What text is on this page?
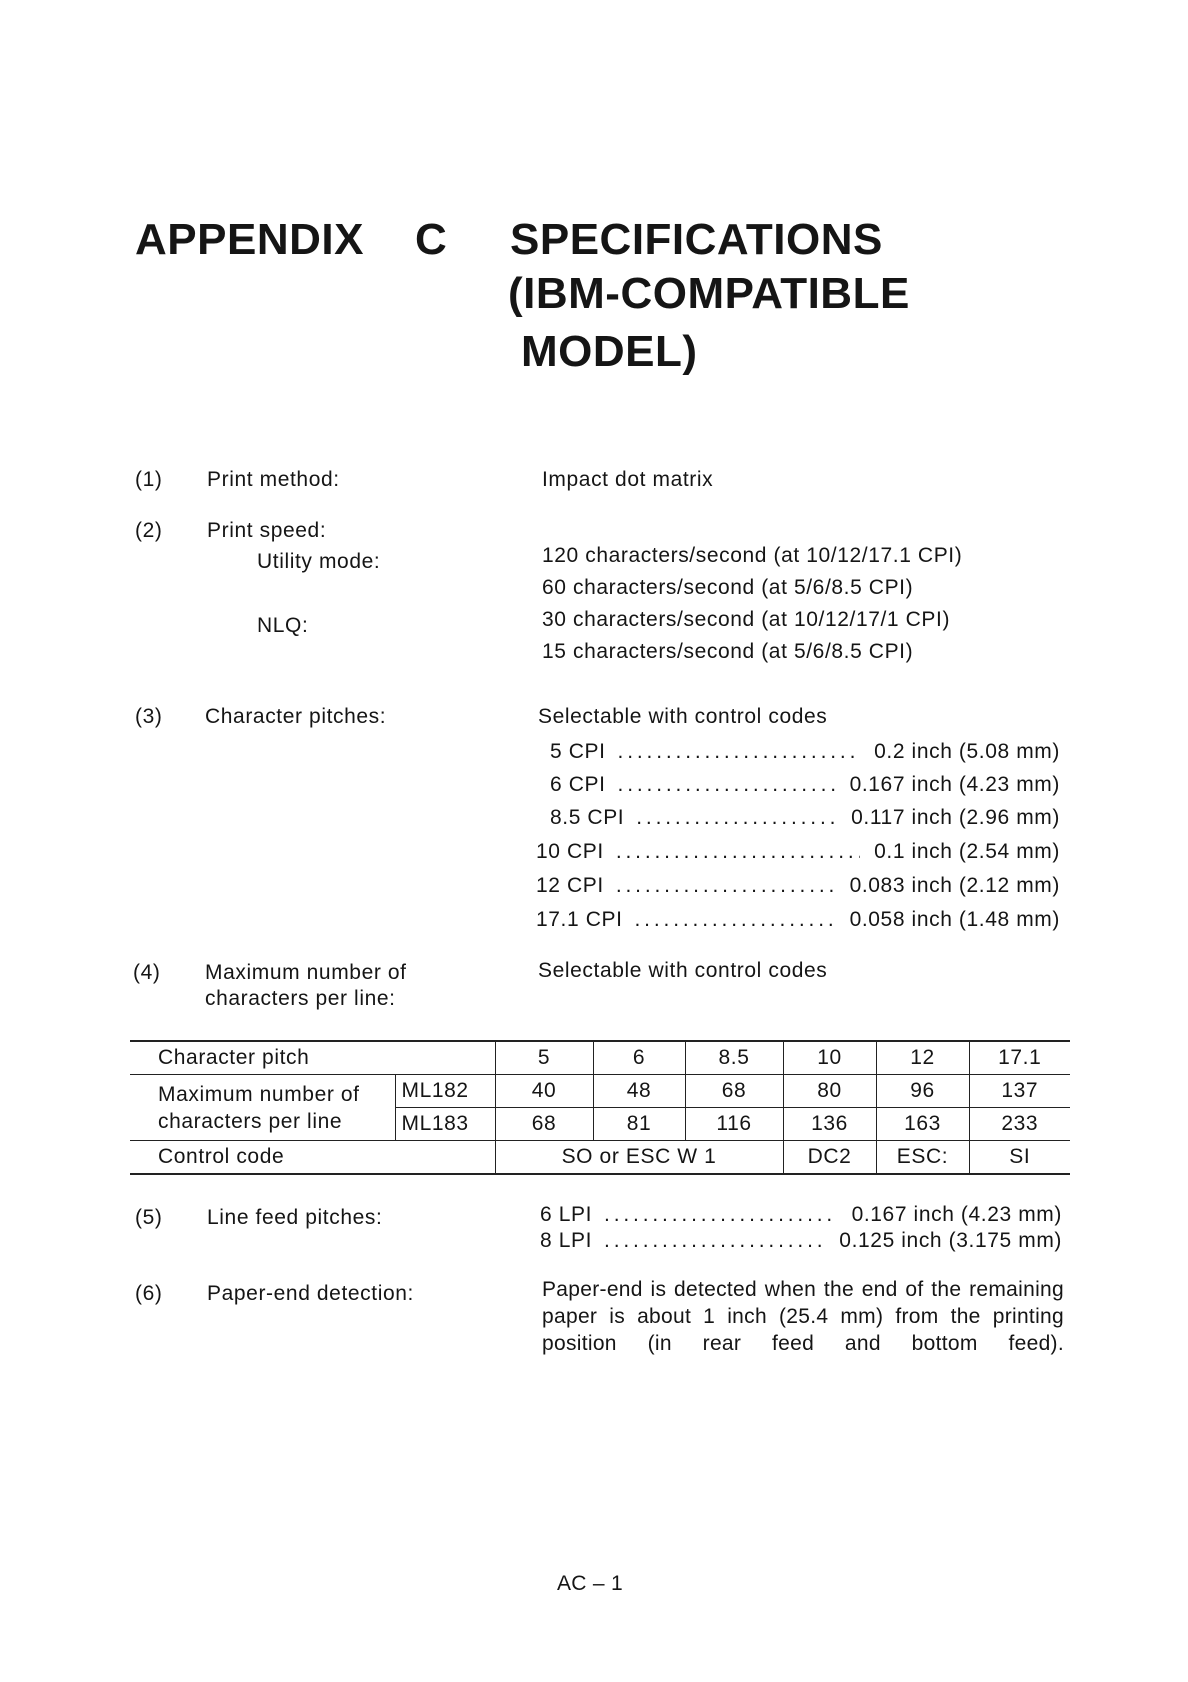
APPENDIX C SPECIFICATIONS
(IBM-COMPATIBLE
MODEL)
(1) Print method:	Impact dot matrix
(2) Print speed:
Utility mode:	120 characters/second (at 10/12/17.1 CPI)
60 characters/second (at 5/6/8.5 CPI)
NLQ:	30 characters/second (at 10/12/17/1 CPI)
15 characters/second (at 5/6/8.5 CPI)
(3) Character pitches:	Selectable with control codes
5 CPI . . .	0.2 inch (5.08 mm)
6 CPI . . .	0.167 inch (4.23 mm)
8.5 CPI . . .	0.117 inch (2.96 mm)
10 CPI . . .	0.1 inch (2.54 mm)
12 CPI . . .	0.083 inch (2.12 mm)
17.1 CPI . . .	0.058 inch (1.48 mm)
(4) Maximum number of
characters per line:
Selectable with control codes
Character pitch		5	6	8.5	10	12	17.1
Maximum number of
characters per line	ML182	40	48	68	80	96	137
	ML183	68	81	116	136	163	233
Control code		SO or ESC W 1			DC2	ESC:	SI
(5) Line feed pitches:	6 LPI . . .	0.167 inch (4.23 mm)
8 LPI . . .	0.125 inch (3.175 mm)
(6) Paper-end detection:	Paper-end is detected when the end of the remaining paper is about 1 inch (25.4 mm) from the printing position (in rear feed and bottom feed).
AC – 1
